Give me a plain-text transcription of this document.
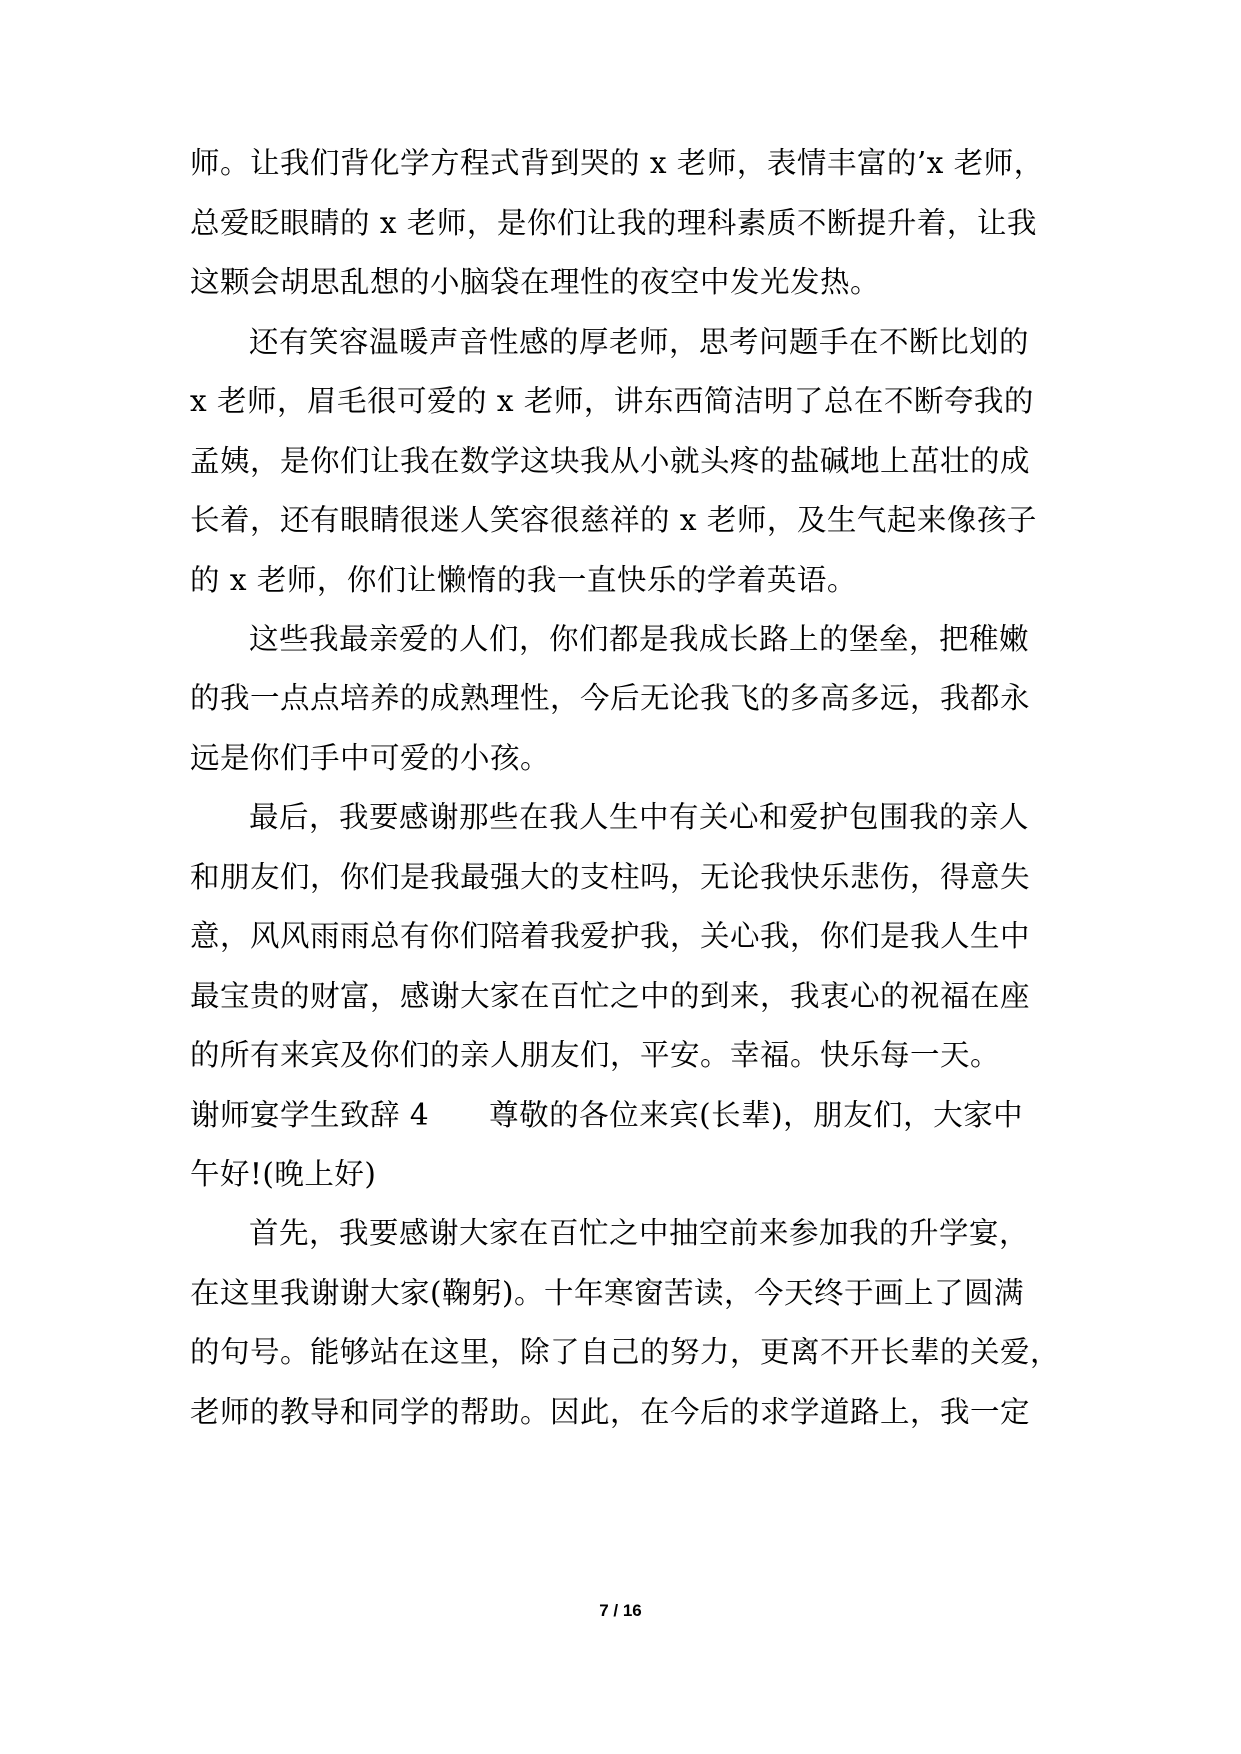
师。让我们背化学方程式背到哭的 x 老师，表情丰富的’x 老师，
总爱眨眼睛的 x 老师，是你们让我的理科素质不断提升着，让我
这颗会胡思乱想的小脑袋在理性的夜空中发光发热。
还有笑容温暖声音性感的厚老师，思考问题手在不断比划的
x 老师，眉毛很可爱的 x 老师，讲东西简洁明了总在不断夸我的
孟姨，是你们让我在数学这块我从小就头疼的盐碱地上茁壮的成
长着，还有眼睛很迷人笑容很慈祥的 x 老师，及生气起来像孩子
的 x 老师，你们让懒惰的我一直快乐的学着英语。
这些我最亲爱的人们，你们都是我成长路上的堡垒，把稚嫩
的我一点点培养的成熟理性，今后无论我飞的多高多远，我都永
远是你们手中可爱的小孩。
最后，我要感谢那些在我人生中有关心和爱护包围我的亲人
和朋友们，你们是我最强大的支柱吗，无论我快乐悲伤，得意失
意，风风雨雨总有你们陪着我爱护我，关心我，你们是我人生中
最宝贵的财富，感谢大家在百忙之中的到来，我衷心的祝福在座
的所有来宾及你们的亲人朋友们，平安。幸福。快乐每一天。
谢师宴学生致辞 4　　尊敬的各位来宾(长辈)，朋友们，大家中
午好!(晚上好)
首先，我要感谢大家在百忙之中抽空前来参加我的升学宴，
在这里我谢谢大家(鞠躬)。十年寒窗苦读，今天终于画上了圆满
的句号。能够站在这里，除了自己的努力，更离不开长辈的关爱，
老师的教导和同学的帮助。因此，在今后的求学道路上，我一定
7 / 16
